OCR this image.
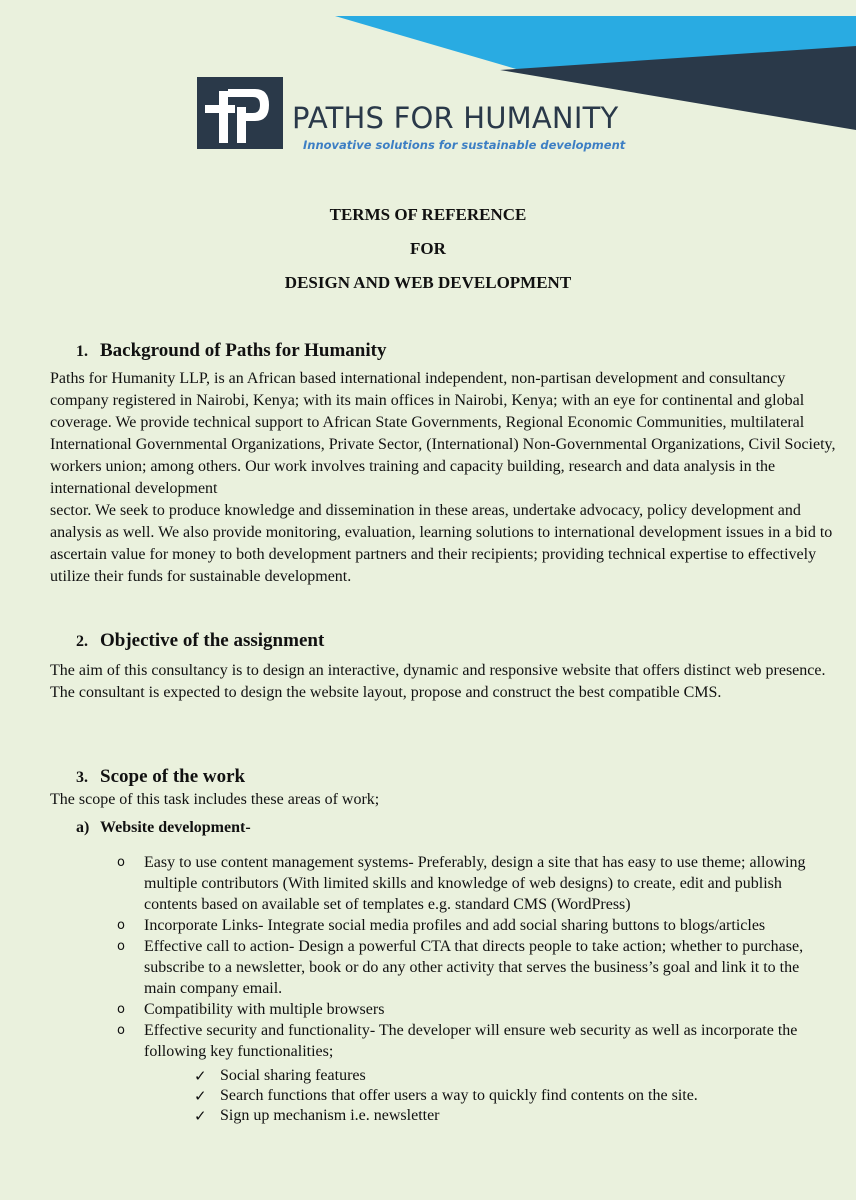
PATHS FOR HUMANITY
Innovative solutions for sustainable development
TERMS OF REFERENCE
FOR
DESIGN AND WEB DEVELOPMENT
1. Background of Paths for Humanity
Paths for Humanity LLP, is an African based international independent, non-partisan development and consultancy company registered in Nairobi, Kenya; with its main offices in Nairobi, Kenya; with an eye for continental and global coverage. We provide technical support to African State Governments, Regional Economic Communities, multilateral International Governmental Organizations, Private Sector, (International) Non-Governmental Organizations, Civil Society, workers union; among others. Our work involves training and capacity building, research and data analysis in the international development
sector. We seek to produce knowledge and dissemination in these areas, undertake advocacy, policy development and analysis as well. We also provide monitoring, evaluation, learning solutions to international development issues in a bid to ascertain value for money to both development partners and their recipients; providing technical expertise to effectively utilize their funds for sustainable development.
2. Objective of the assignment
The aim of this consultancy is to design an interactive, dynamic and responsive website that offers distinct web presence. The consultant is expected to design the website layout, propose and construct the best compatible CMS.
3. Scope of the work
The scope of this task includes these areas of work;
a) Website development-
o Easy to use content management systems- Preferably, design a site that has easy to use theme; allowing multiple contributors (With limited skills and knowledge of web designs) to create, edit and publish contents based on available set of templates e.g. standard CMS (WordPress)
o Incorporate Links- Integrate social media profiles and add social sharing buttons to blogs/articles
o Effective call to action- Design a powerful CTA that directs people to take action; whether to purchase, subscribe to a newsletter, book or do any other activity that serves the business’s goal and link it to the main company email.
o Compatibility with multiple browsers
o Effective security and functionality- The developer will ensure web security as well as incorporate the following key functionalities;
✓ Social sharing features
✓ Search functions that offer users a way to quickly find contents on the site.
✓ Sign up mechanism i.e. newsletter
